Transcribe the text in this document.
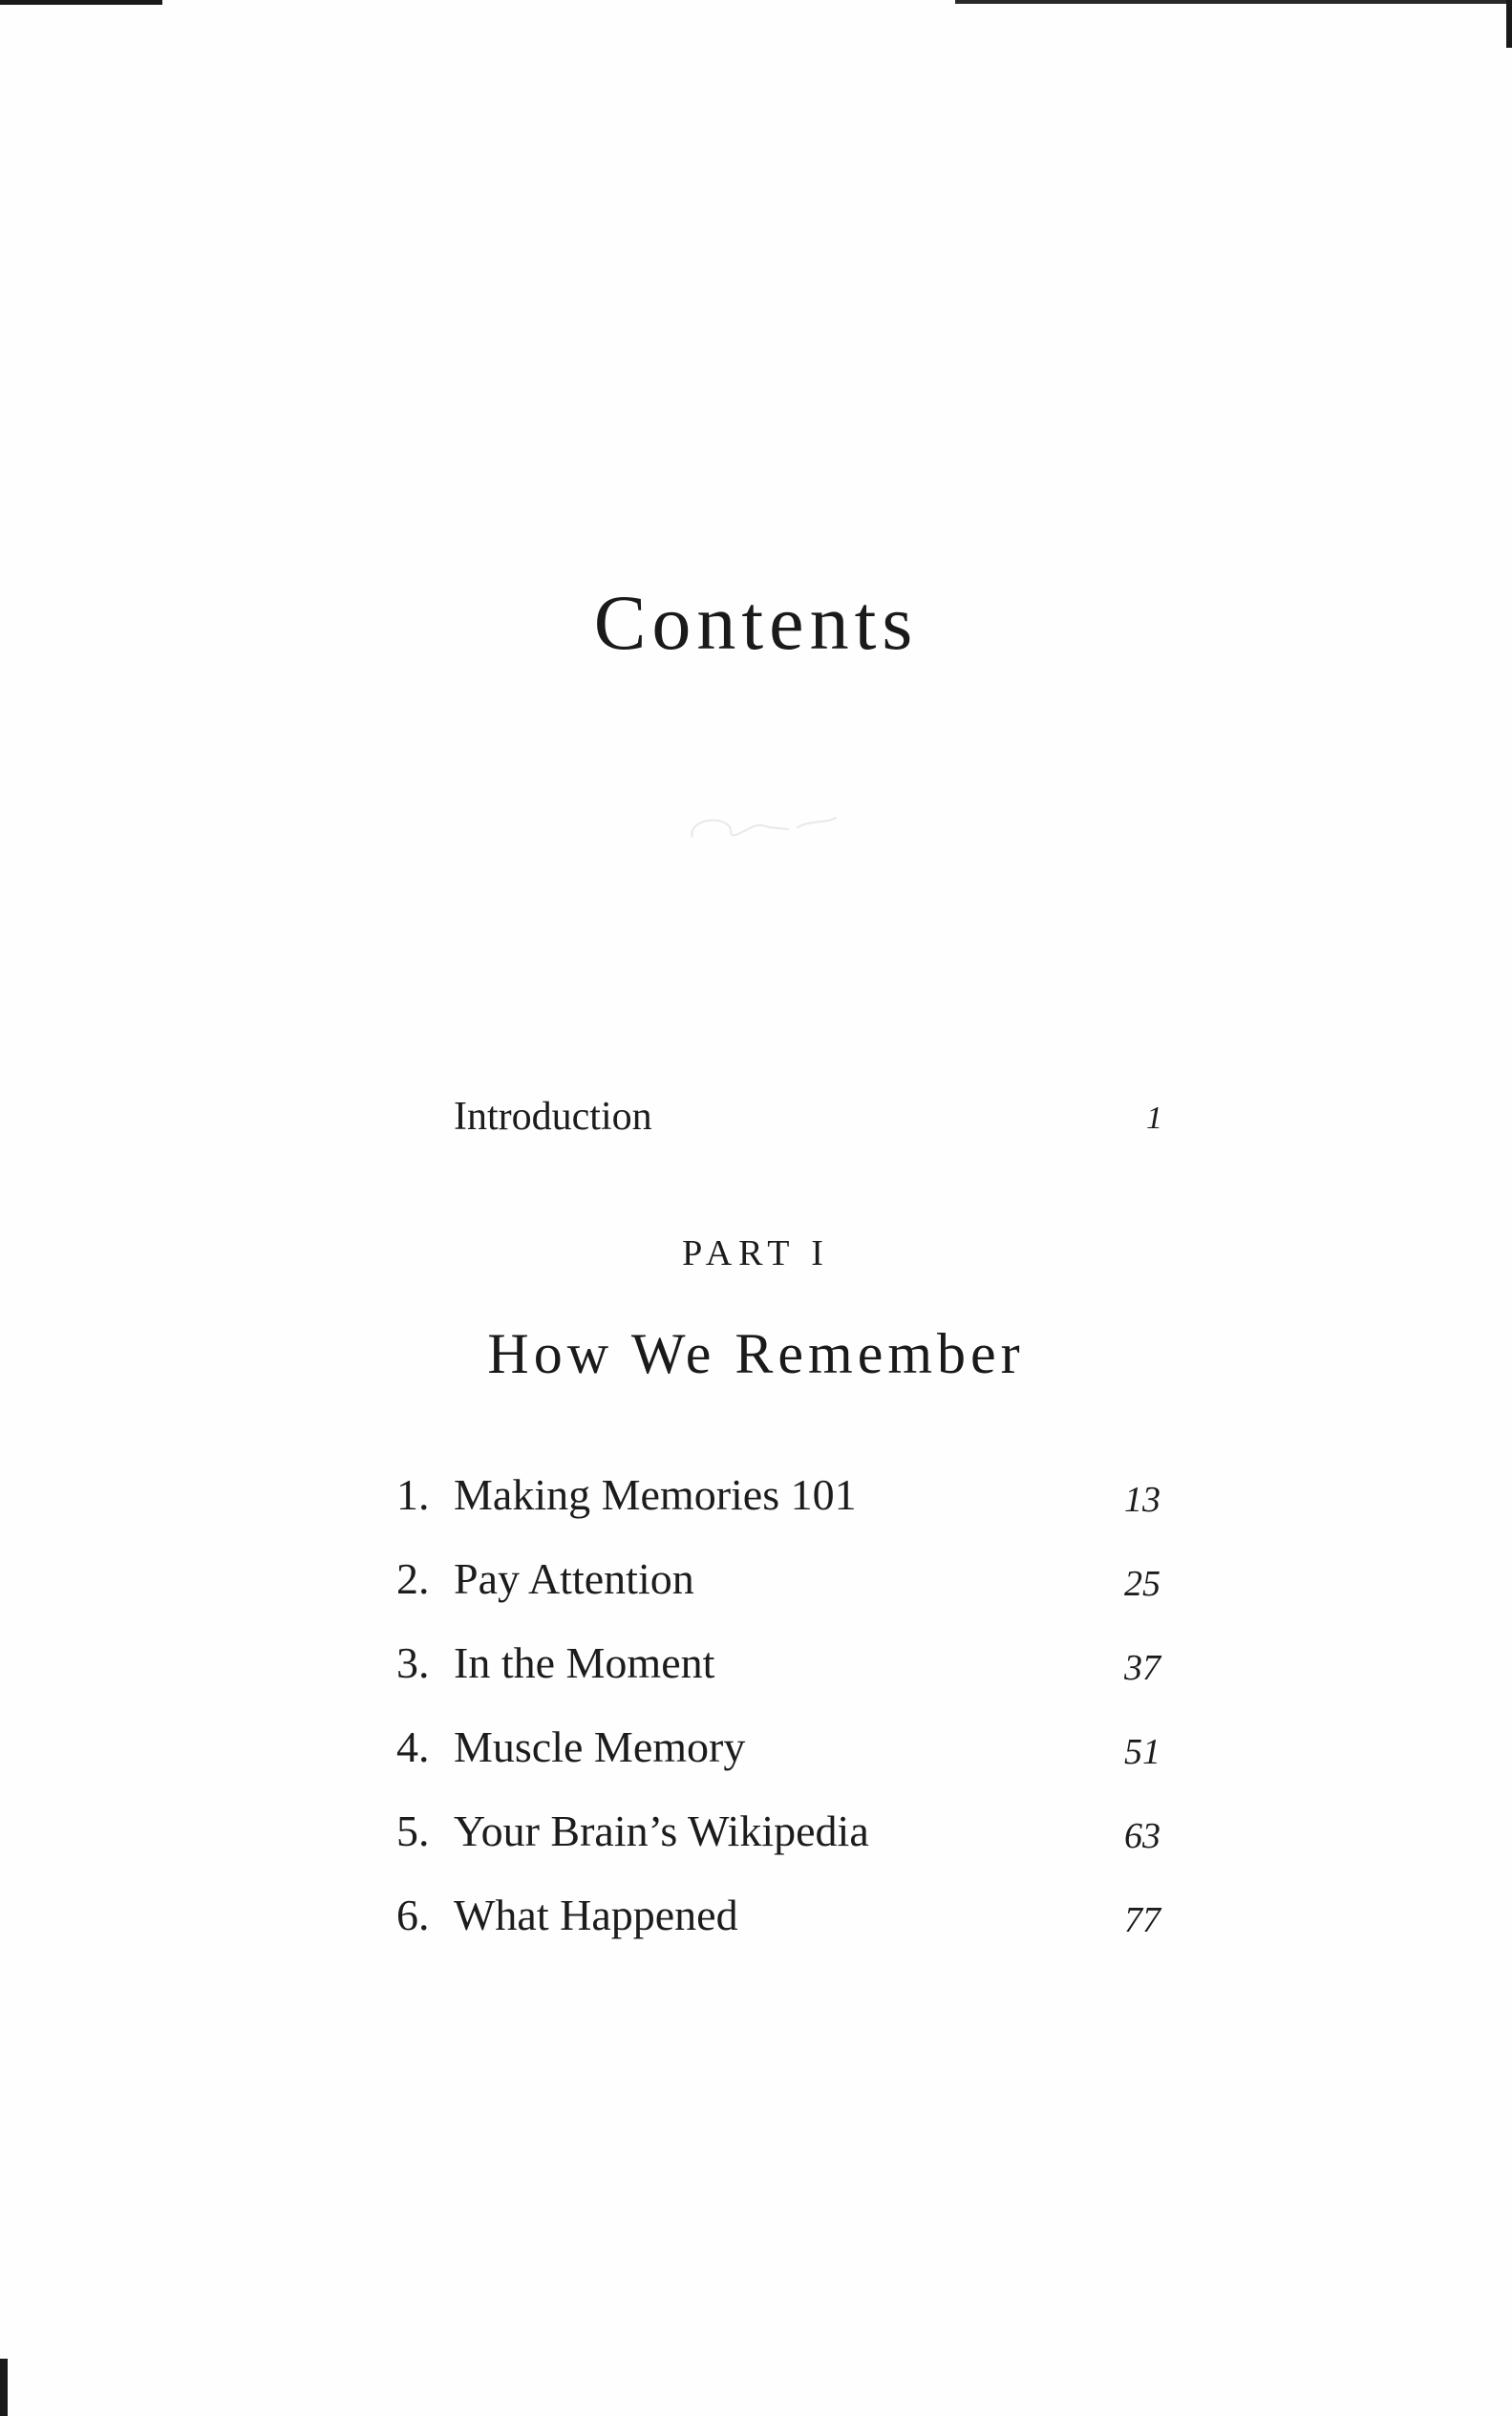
Contents
Introduction	1
PART I
How We Remember
1. Making Memories 101	13
2. Pay Attention	25
3. In the Moment	37
4. Muscle Memory	51
5. Your Brain’s Wikipedia	63
6. What Happened	77
